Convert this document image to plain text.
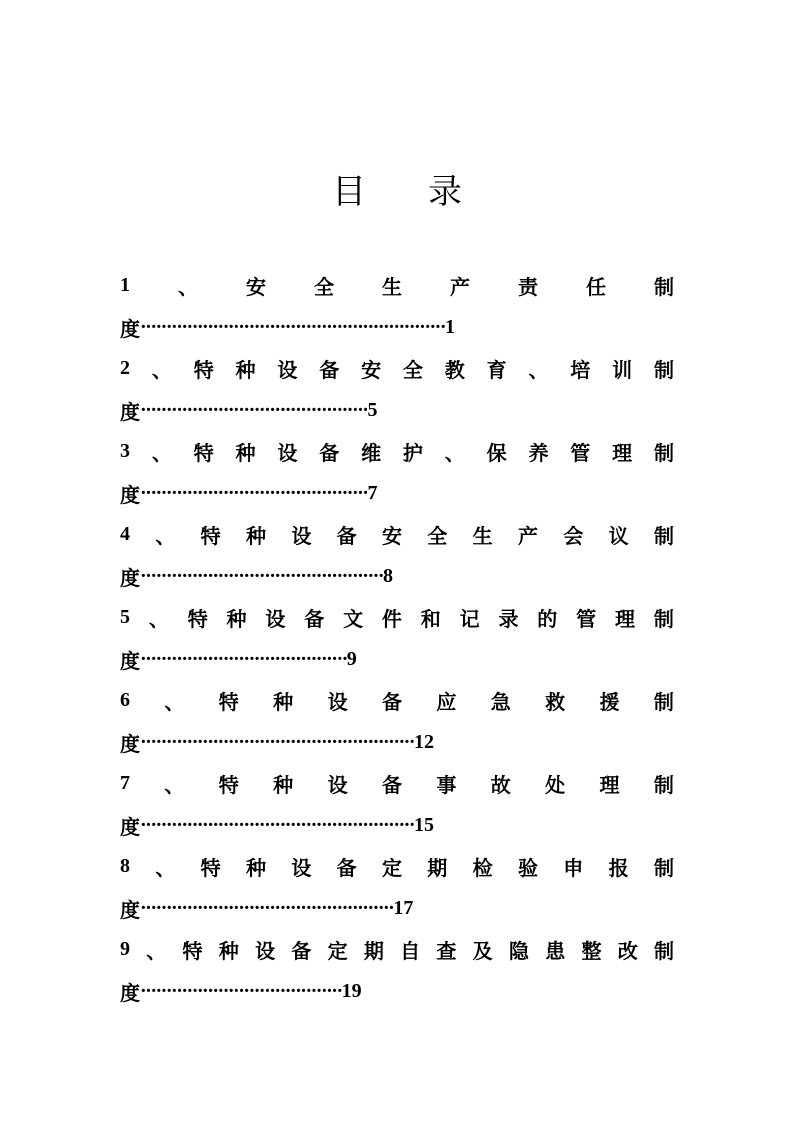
目 录
1 、 安 全 生 产 责 任 制
度 ··························································· 1
2 、 特 种 设 备 安 全 教 育 、 培 训 制
度 ············································ 5
3 、 特 种 设 备 维 护 、 保 养 管 理 制
度 ············································ 7
4 、 特 种 设 备 安 全 生 产 会 议 制
度 ··············································· 8
5 、 特 种 设 备 文 件 和 记 录 的 管 理 制
度 ········································ 9
6 、 特 种 设 备 应 急 救 援 制
度 ····················································· 12
7 、 特 种 设 备 事 故 处 理 制
度 ····················································· 15
8 、 特 种 设 备 定 期 检 验 申 报 制
度 ················································· 17
9 、 特 种 设 备 定 期 自 查 及 隐 患 整 改 制
度 ······································· 19
